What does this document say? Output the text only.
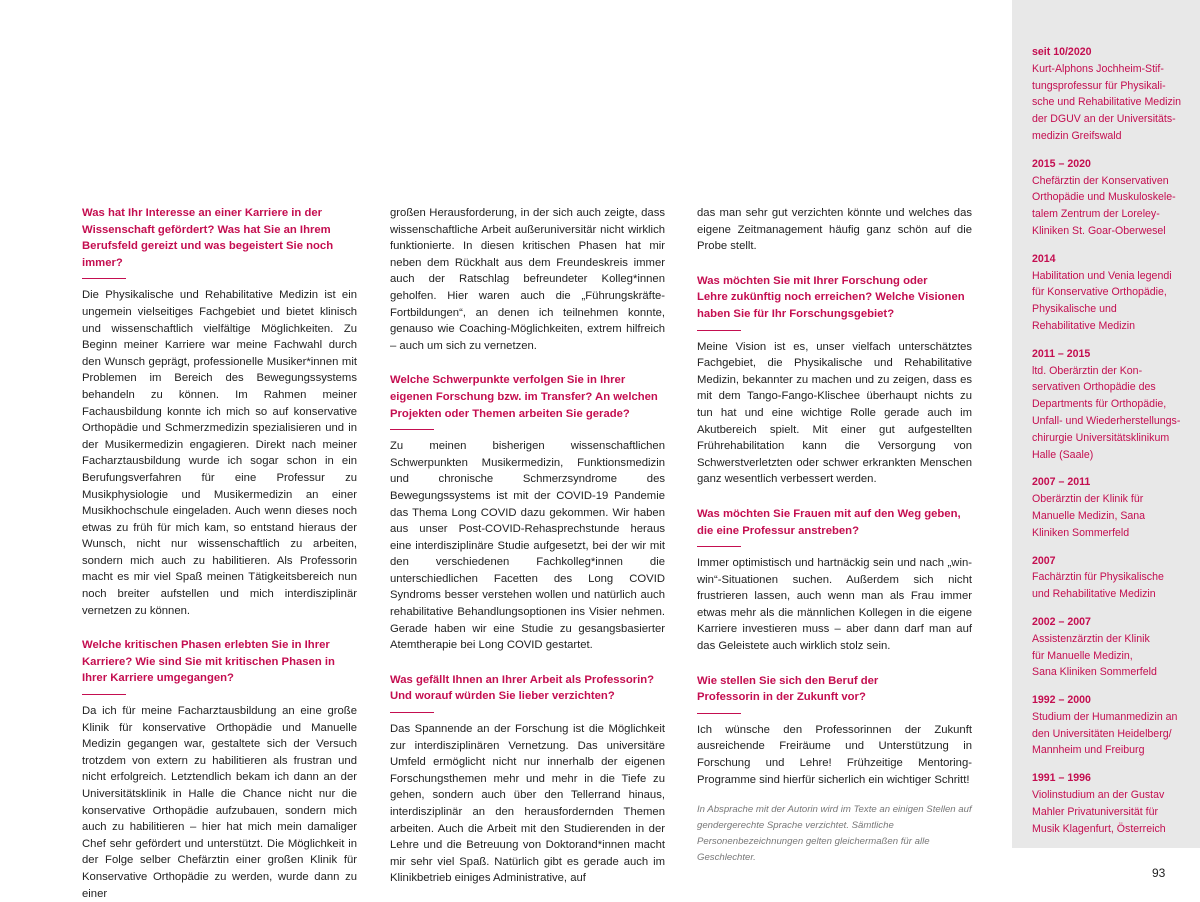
Was hat Ihr Interesse an einer Karriere in der
Wissenschaft gefördert? Was hat Sie an Ihrem
Berufsfeld gereizt und was begeistert Sie noch immer?

Die Physikalische und Rehabilitative Medizin ist ein ungemein vielseitiges Fachgebiet und bietet klinisch und wissenschaftlich vielfältige Möglichkeiten. Zu Beginn meiner Karriere war meine Fachwahl durch den Wunsch geprägt, professionelle Musiker*innen mit Problemen im Bereich des Bewegungssystems behandeln zu können. Im Rahmen meiner Fachausbildung konnte ich mich so auf konservative Orthopädie und Schmerzmedizin spezialisieren und in der Musikermedizin engagieren. Direkt nach meiner Facharztausbildung wurde ich sogar schon in ein Berufungsverfahren für eine Professur zu Musikphysiologie und Musikermedizin an einer Musikhochschule eingeladen. Auch wenn dieses noch etwas zu früh für mich kam, so entstand hieraus der Wunsch, nicht nur wissenschaftlich zu arbeiten, sondern mich auch zu habilitieren. Als Professorin macht es mir viel Spaß meinen Tätigkeitsbereich nun noch breiter aufstellen und mich interdisziplinär vernetzen zu können.

Welche kritischen Phasen erlebten Sie in Ihrer
Karriere? Wie sind Sie mit kritischen Phasen in
Ihrer Karriere umgegangen?

Da ich für meine Facharztausbildung an eine große Klinik für konservative Orthopädie und Manuelle Medizin gegangen war, gestaltete sich der Versuch trotzdem von extern zu habilitieren als frustran und nicht erfolgreich. Letztendlich bekam ich dann an der Universitätsklinik in Halle die Chance nicht nur die konservative Orthopädie aufzubauen, sondern mich auch zu habilitieren – hier hat mich mein damaliger Chef sehr gefördert und unterstützt. Die Möglichkeit in der Folge selber Chefärztin einer großen Klinik für Konservative Orthopädie zu werden, wurde dann zu einer

großen Herausforderung, in der sich auch zeigte, dass wissenschaftliche Arbeit außeruniversitär nicht wirklich funktionierte. In diesen kritischen Phasen hat mir neben dem Rückhalt aus dem Freundeskreis immer auch der Ratschlag befreundeter Kolleg*innen geholfen. Hier waren auch die „Führungskräfte-Fortbildungen“, an denen ich teilnehmen konnte, genauso wie Coaching-Möglichkeiten, extrem hilfreich – auch um sich zu vernetzen.

Welche Schwerpunkte verfolgen Sie in Ihrer
eigenen Forschung bzw. im Transfer? An welchen
Projekten oder Themen arbeiten Sie gerade?

Zu meinen bisherigen wissenschaftlichen Schwerpunkten Musikermedizin, Funktionsmedizin und chronische Schmerzsyndrome des Bewegungssystems ist mit der COVID-19 Pandemie das Thema Long COVID dazu gekommen. Wir haben aus unser Post-COVID-Rehasprechstunde heraus eine interdisziplinäre Studie aufgesetzt, bei der wir mit den verschiedenen Fachkolleg*innen die unterschiedlichen Facetten des Long COVID Syndroms besser verstehen wollen und natürlich auch rehabilitative Behandlungsoptionen ins Visier nehmen. Gerade haben wir eine Studie zu gesangsbasierter Atemtherapie bei Long COVID gestartet.

Was gefällt Ihnen an Ihrer Arbeit als Professorin?
Und worauf würden Sie lieber verzichten?

Das Spannende an der Forschung ist die Möglichkeit zur interdisziplinären Vernetzung. Das universitäre Umfeld ermöglicht nicht nur innerhalb der eigenen Forschungsthemen mehr und mehr in die Tiefe zu gehen, sondern auch über den Tellerrand hinaus, interdisziplinär an den herausfordernden Themen arbeiten. Auch die Arbeit mit den Studierenden in der Lehre und die Betreuung von Doktorand*innen macht mir sehr viel Spaß. Natürlich gibt es gerade auch im Klinikbetrieb einiges Administrative, auf

das man sehr gut verzichten könnte und welches das eigene Zeitmanagement häufig ganz schön auf die Probe stellt.

Was möchten Sie mit Ihrer Forschung oder
Lehre zukünftig noch erreichen? Welche Visionen
haben Sie für Ihr Forschungsgebiet?

Meine Vision ist es, unser vielfach unterschätztes Fachgebiet, die Physikalische und Rehabilitative Medizin, bekannter zu machen und zu zeigen, dass es mit dem Tango-Fango-Klischee überhaupt nichts zu tun hat und eine wichtige Rolle gerade auch im Akutbereich spielt. Mit einer gut aufgestellten Frührehabilitation kann die Versorgung von Schwerstverletzten oder schwer erkrankten Menschen ganz wesentlich verbessert werden.

Was möchten Sie Frauen mit auf den Weg geben,
die eine Professur anstreben?

Immer optimistisch und hartnäckig sein und nach „win-win“-Situationen suchen. Außerdem sich nicht frustrieren lassen, auch wenn man als Frau immer etwas mehr als die männlichen Kollegen in die eigene Karriere investieren muss – aber dann darf man auf das Geleistete auch wirklich stolz sein.

Wie stellen Sie sich den Beruf der
Professorin in der Zukunft vor?

Ich wünsche den Professorinnen der Zukunft ausreichende Freiräume und Unterstützung in Forschung und Lehre! Frühzeitige Mentoring-Programme sind hierfür sicherlich ein wichtiger Schritt!

In Absprache mit der Autorin wird im Texte an einigen Stellen auf gendergerechte Sprache verzichtet. Sämtliche Personenbezeichnungen gelten gleichermaßen für alle Geschlechter.
seit 10/2020
Kurt-Alphons Jochheim-Stif-
tungsprofessur für Physikali-
sche und Rehabilitative Medizin
der DGUV an der Universitäts-
medizin Greifswald
2015 – 2020
Chefärztin der Konservativen
Orthopädie und Muskuloskele-
talem Zentrum der Loreley-
Kliniken St. Goar-Oberwesel
2014
Habilitation und Venia legendi
für Konservative Orthopädie,
Physikalische und
Rehabilitative Medizin
2011 – 2015
ltd. Oberärztin der Kon-
servativen Orthopädie des
Departments für Orthopädie,
Unfall- und Wiederherstellungs-
chirurgie Universitätsklinikum
Halle (Saale)
2007 – 2011
Oberärztin der Klinik für
Manuelle Medizin, Sana
Kliniken Sommerfeld
2007
Fachärztin für Physikalische
und Rehabilitative Medizin
2002 – 2007
Assistenzärztin der Klinik
für Manuelle Medizin,
Sana Kliniken Sommerfeld
1992 – 2000
Studium der Humanmedizin an
den Universitäten Heidelberg/
Mannheim und Freiburg
1991 – 1996
Violinstudium an der Gustav
Mahler Privatuniversität für
Musik Klagenfurt, Österreich
93
